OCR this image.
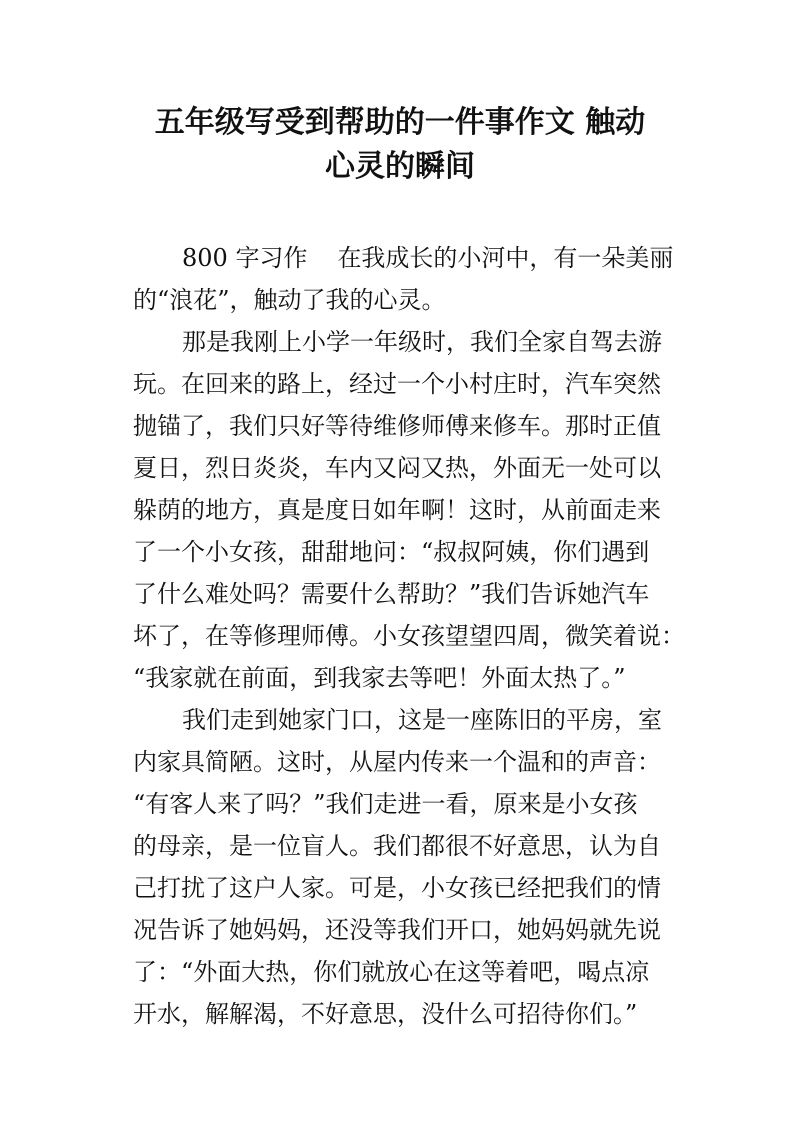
五年级写受到帮助的一件事作文 触动
心灵的瞬间
800 字习作 在我成长的小河中，有一朵美丽
的“浪花”，触动了我的心灵。
那是我刚上小学一年级时，我们全家自驾去游
玩。在回来的路上，经过一个小村庄时，汽车突然
抛锚了，我们只好等待维修师傅来修车。那时正值
夏日，烈日炎炎，车内又闷又热，外面无一处可以
躲荫的地方，真是度日如年啊！这时，从前面走来
了一个小女孩，甜甜地问：“叔叔阿姨，你们遇到
了什么难处吗？需要什么帮助？”我们告诉她汽车
坏了，在等修理师傅。小女孩望望四周，微笑着说：
“我家就在前面，到我家去等吧！外面太热了。”
我们走到她家门口，这是一座陈旧的平房，室
内家具简陋。这时，从屋内传来一个温和的声音：
“有客人来了吗？”我们走进一看，原来是小女孩
的母亲，是一位盲人。我们都很不好意思，认为自
己打扰了这户人家。可是，小女孩已经把我们的情
况告诉了她妈妈，还没等我们开口，她妈妈就先说
了：“外面大热，你们就放心在这等着吧，喝点凉
开水，解解渴，不好意思，没什么可招待你们。”
